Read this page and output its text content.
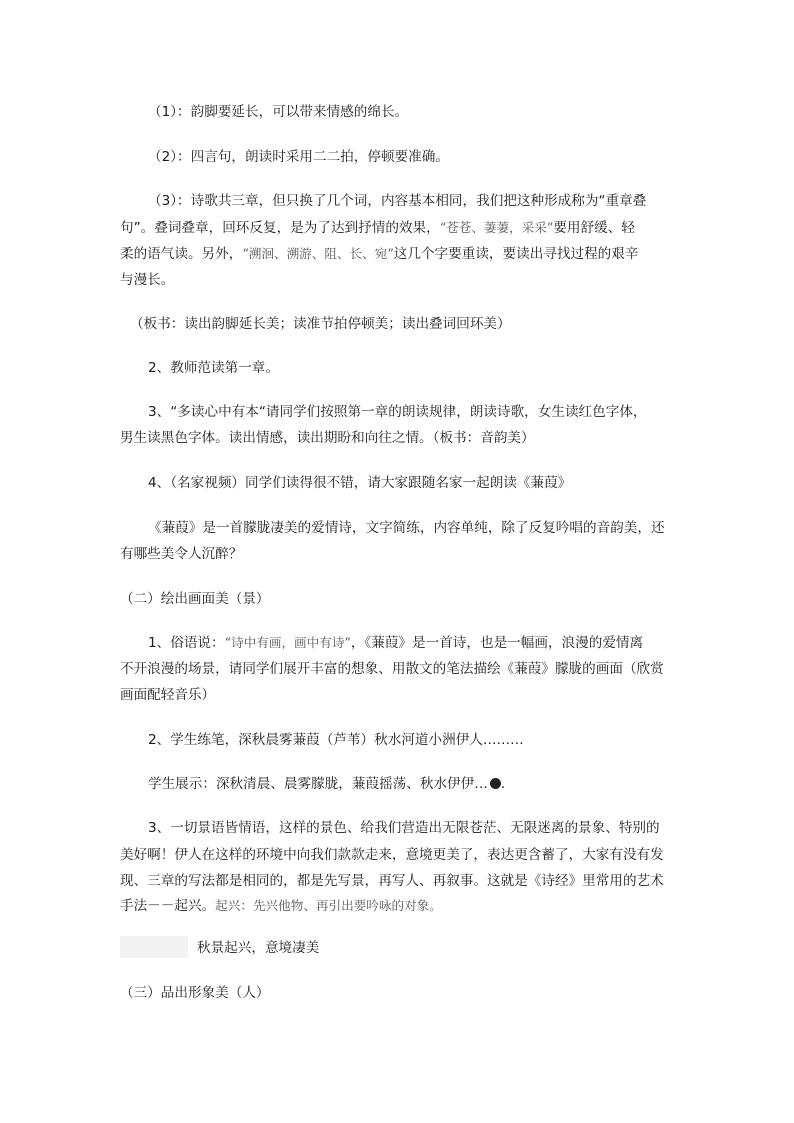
（1）：韵脚要延长，可以带来情感的绵长。
（2）：四言句，朗读时采用二二拍，停顿要准确。
（3）：诗歌共三章，但只换了几个词，内容基本相同，我们把这种形成称为“重章叠
句”。叠词叠章，回环反复，是为了达到抒情的效果，“苍苍、萋萋，采采”要用舒缓、轻
柔的语气读。另外，“溯洄、溯游、阻、长、宛”这几个字要重读，要读出寻找过程的艰辛
与漫长。
（板书：读出韵脚延长美；读准节拍停顿美；读出叠词回环美）
2、教师范读第一章。
3、“多读心中有本“请同学们按照第一章的朗读规律，朗读诗歌，女生读红色字体，
男生读黑色字体。读出情感，读出期盼和向往之情。（板书：音韵美）
4、（名家视频）同学们读得很不错，请大家跟随名家一起朗读《蒹葭》
《蒹葭》是一首朦胧凄美的爱情诗，文字简练，内容单纯，除了反复吟唱的音韵美，还
有哪些美令人沉醉？
（二）绘出画面美（景）
1、俗语说：“诗中有画，画中有诗”，《蒹葭》是一首诗，也是一幅画，浪漫的爱情离
不开浪漫的场景，请同学们展开丰富的想象、用散文的笔法描绘《蒹葭》朦胧的画面（欣赏
画面配轻音乐）
2、学生练笔，深秋晨雾蒹葭（芦苇）秋水河道小洲伊人………
学生展示：深秋清晨、晨雾朦胧，蒹葭摇荡、秋水伊伊… .
3、一切景语皆情语，这样的景色、给我们营造出无限苍茫、无限迷离的景象、特别的
美好啊！伊人在这样的环境中向我们款款走来，意境更美了，表达更含蓄了，大家有没有发
现、三章的写法都是相同的，都是先写景，再写人、再叙事。这就是《诗经》里常用的艺术
手法－－起兴。起兴：先兴他物、再引出要吟咏的对象。
秋景起兴，意境凄美
（三）品出形象美（人）
